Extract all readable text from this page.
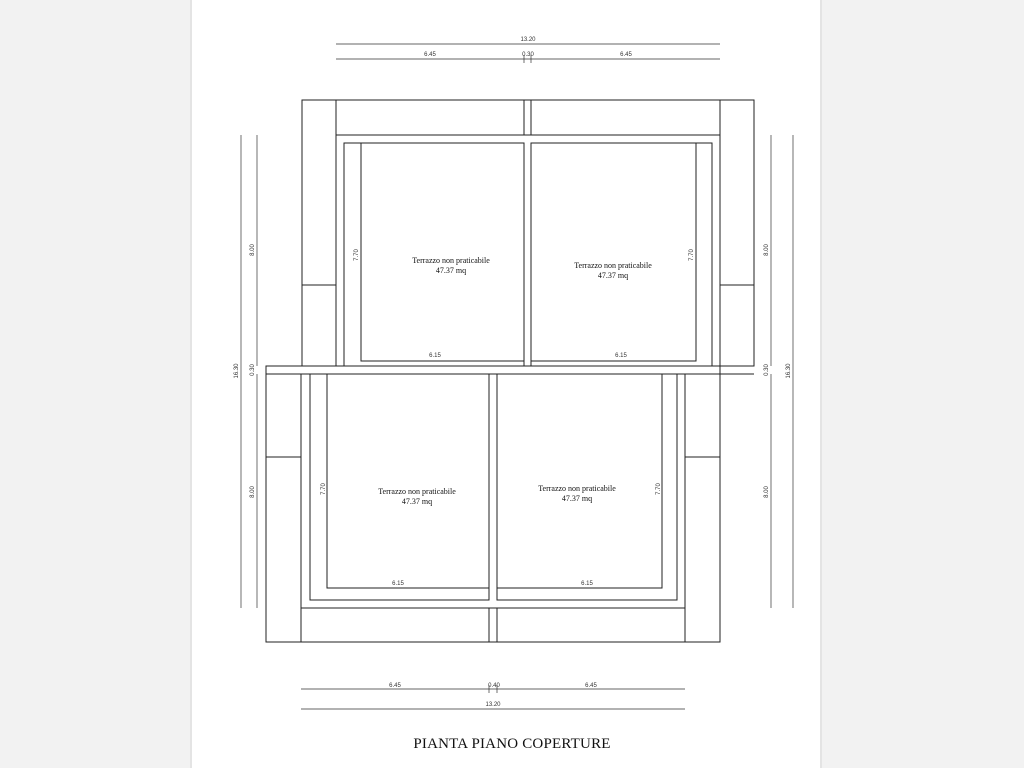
13.20
6.45	0.30	6.45
6.45	0.40	6.45
13.20
16.30
8.00
0.30
8.00
16.30
8.00
0.30
8.00
6.15
7.70
6.15
7.70
6.15
7.70
6.15
7.70
Terrazzo non praticabile
47.37 mq
Terrazzo non praticabile
47.37 mq
Terrazzo non praticabile
47.37 mq
Terrazzo non praticabile
47.37 mq
PIANTA PIANO COPERTURE
